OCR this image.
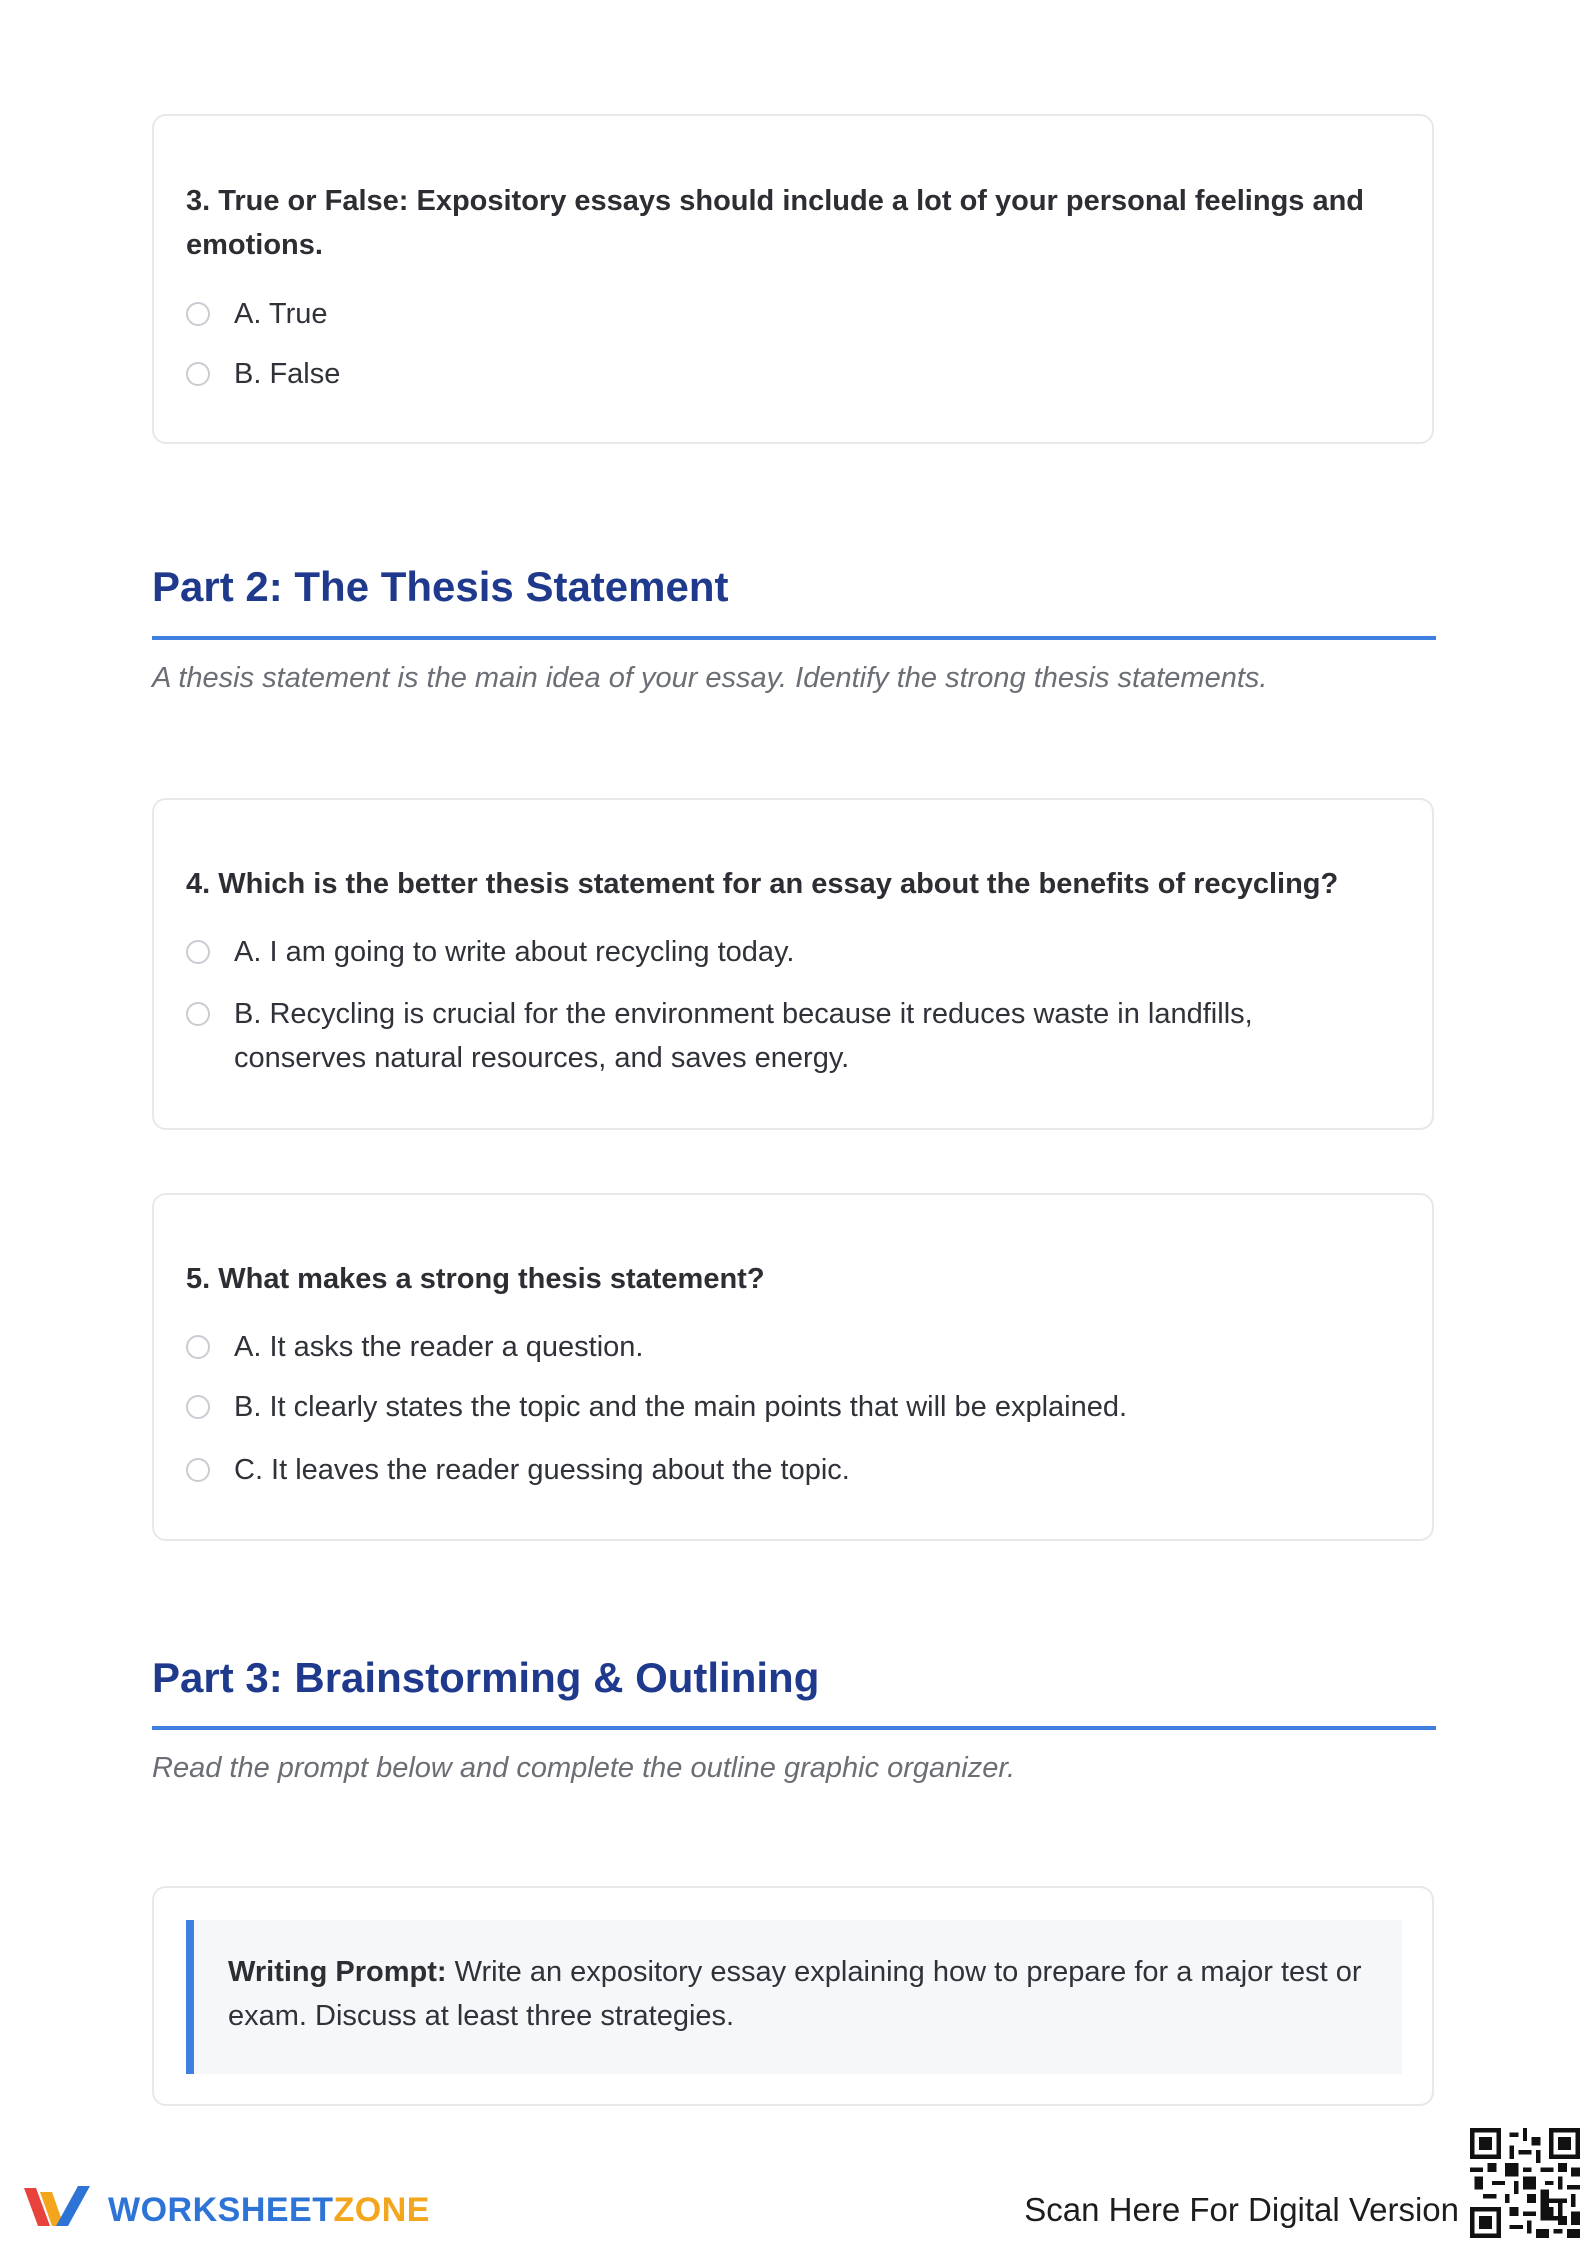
3. True or False: Expository essays should include a lot of your personal feelings and emotions.
A. True
B. False
Part 2: The Thesis Statement
A thesis statement is the main idea of your essay. Identify the strong thesis statements.
4. Which is the better thesis statement for an essay about the benefits of recycling?
A. I am going to write about recycling today.
B. Recycling is crucial for the environment because it reduces waste in landfills, conserves natural resources, and saves energy.
5. What makes a strong thesis statement?
A. It asks the reader a question.
B. It clearly states the topic and the main points that will be explained.
C. It leaves the reader guessing about the topic.
Part 3: Brainstorming & Outlining
Read the prompt below and complete the outline graphic organizer.
Writing Prompt: Write an expository essay explaining how to prepare for a major test or exam. Discuss at least three strategies.
WORKSHEETZONE	Scan Here For Digital Version
